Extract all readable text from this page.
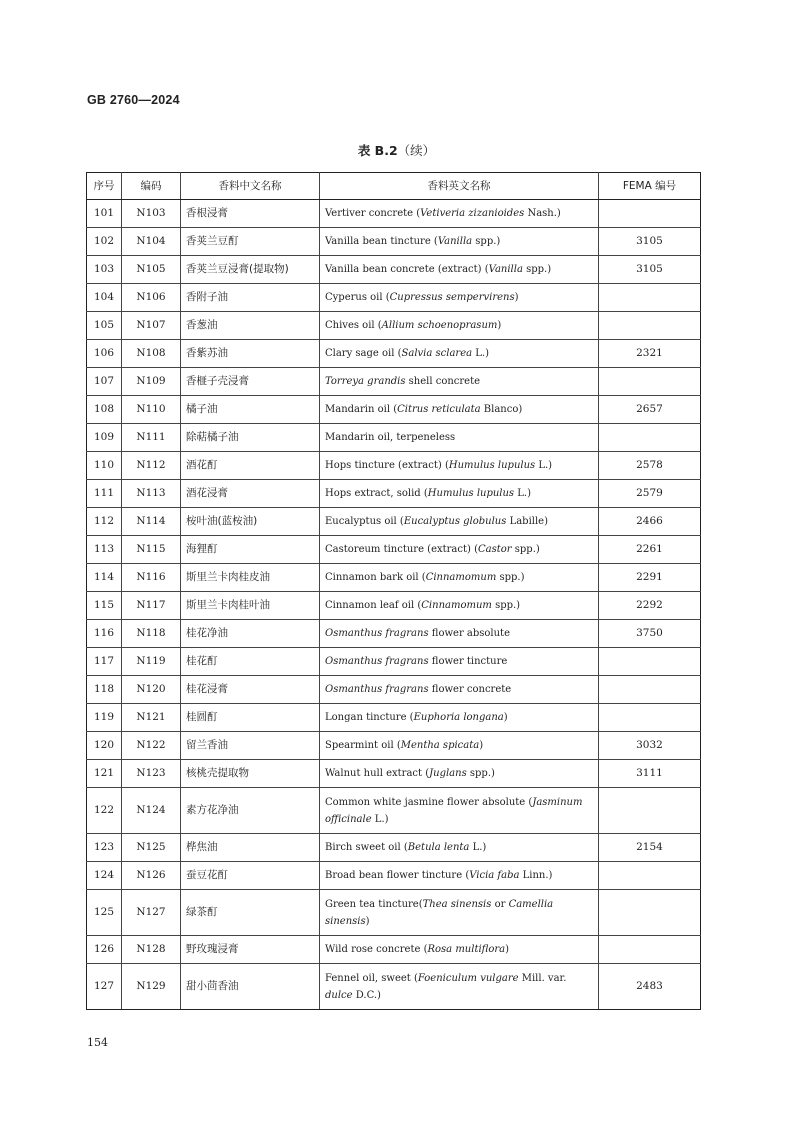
GB 2760—2024
表 B.2（续）
序号	编码	香料中文名称	香料英文名称	FEMA 编号
101	N103	香根浸膏	Vertiver concrete (Vetiveria zizanioides Nash.)	
102	N104	香荚兰豆酊	Vanilla bean tincture (Vanilla spp.)	3105
103	N105	香荚兰豆浸膏(提取物)	Vanilla bean concrete (extract) (Vanilla spp.)	3105
104	N106	香附子油	Cyperus oil (Cupressus sempervirens)	
105	N107	香葱油	Chives oil (Allium schoenoprasum)	
106	N108	香紫苏油	Clary sage oil (Salvia sclarea L.)	2321
107	N109	香榧子壳浸膏	Torreya grandis shell concrete	
108	N110	橘子油	Mandarin oil (Citrus reticulata Blanco)	2657
109	N111	除萜橘子油	Mandarin oil, terpeneless	
110	N112	酒花酊	Hops tincture (extract) (Humulus lupulus L.)	2578
111	N113	酒花浸膏	Hops extract, solid (Humulus lupulus L.)	2579
112	N114	桉叶油(蓝桉油)	Eucalyptus oil (Eucalyptus globulus Labille)	2466
113	N115	海狸酊	Castoreum tincture (extract) (Castor spp.)	2261
114	N116	斯里兰卡肉桂皮油	Cinnamon bark oil (Cinnamomum spp.)	2291
115	N117	斯里兰卡肉桂叶油	Cinnamon leaf oil (Cinnamomum spp.)	2292
116	N118	桂花净油	Osmanthus fragrans flower absolute	3750
117	N119	桂花酊	Osmanthus fragrans flower tincture	
118	N120	桂花浸膏	Osmanthus fragrans flower concrete	
119	N121	桂圆酊	Longan tincture (Euphoria longana)	
120	N122	留兰香油	Spearmint oil (Mentha spicata)	3032
121	N123	核桃壳提取物	Walnut hull extract (Juglans spp.)	3111
122	N124	素方花净油	Common white jasmine flower absolute (Jasminum officinale L.)	
123	N125	桦焦油	Birch sweet oil (Betula lenta L.)	2154
124	N126	蚕豆花酊	Broad bean flower tincture (Vicia faba Linn.)	
125	N127	绿茶酊	Green tea tincture(Thea sinensis or Camellia sinensis)	
126	N128	野玫瑰浸膏	Wild rose concrete (Rosa multiflora)	
127	N129	甜小茴香油	Fennel oil, sweet (Foeniculum vulgare Mill. var. dulce D.C.)	2483
154
